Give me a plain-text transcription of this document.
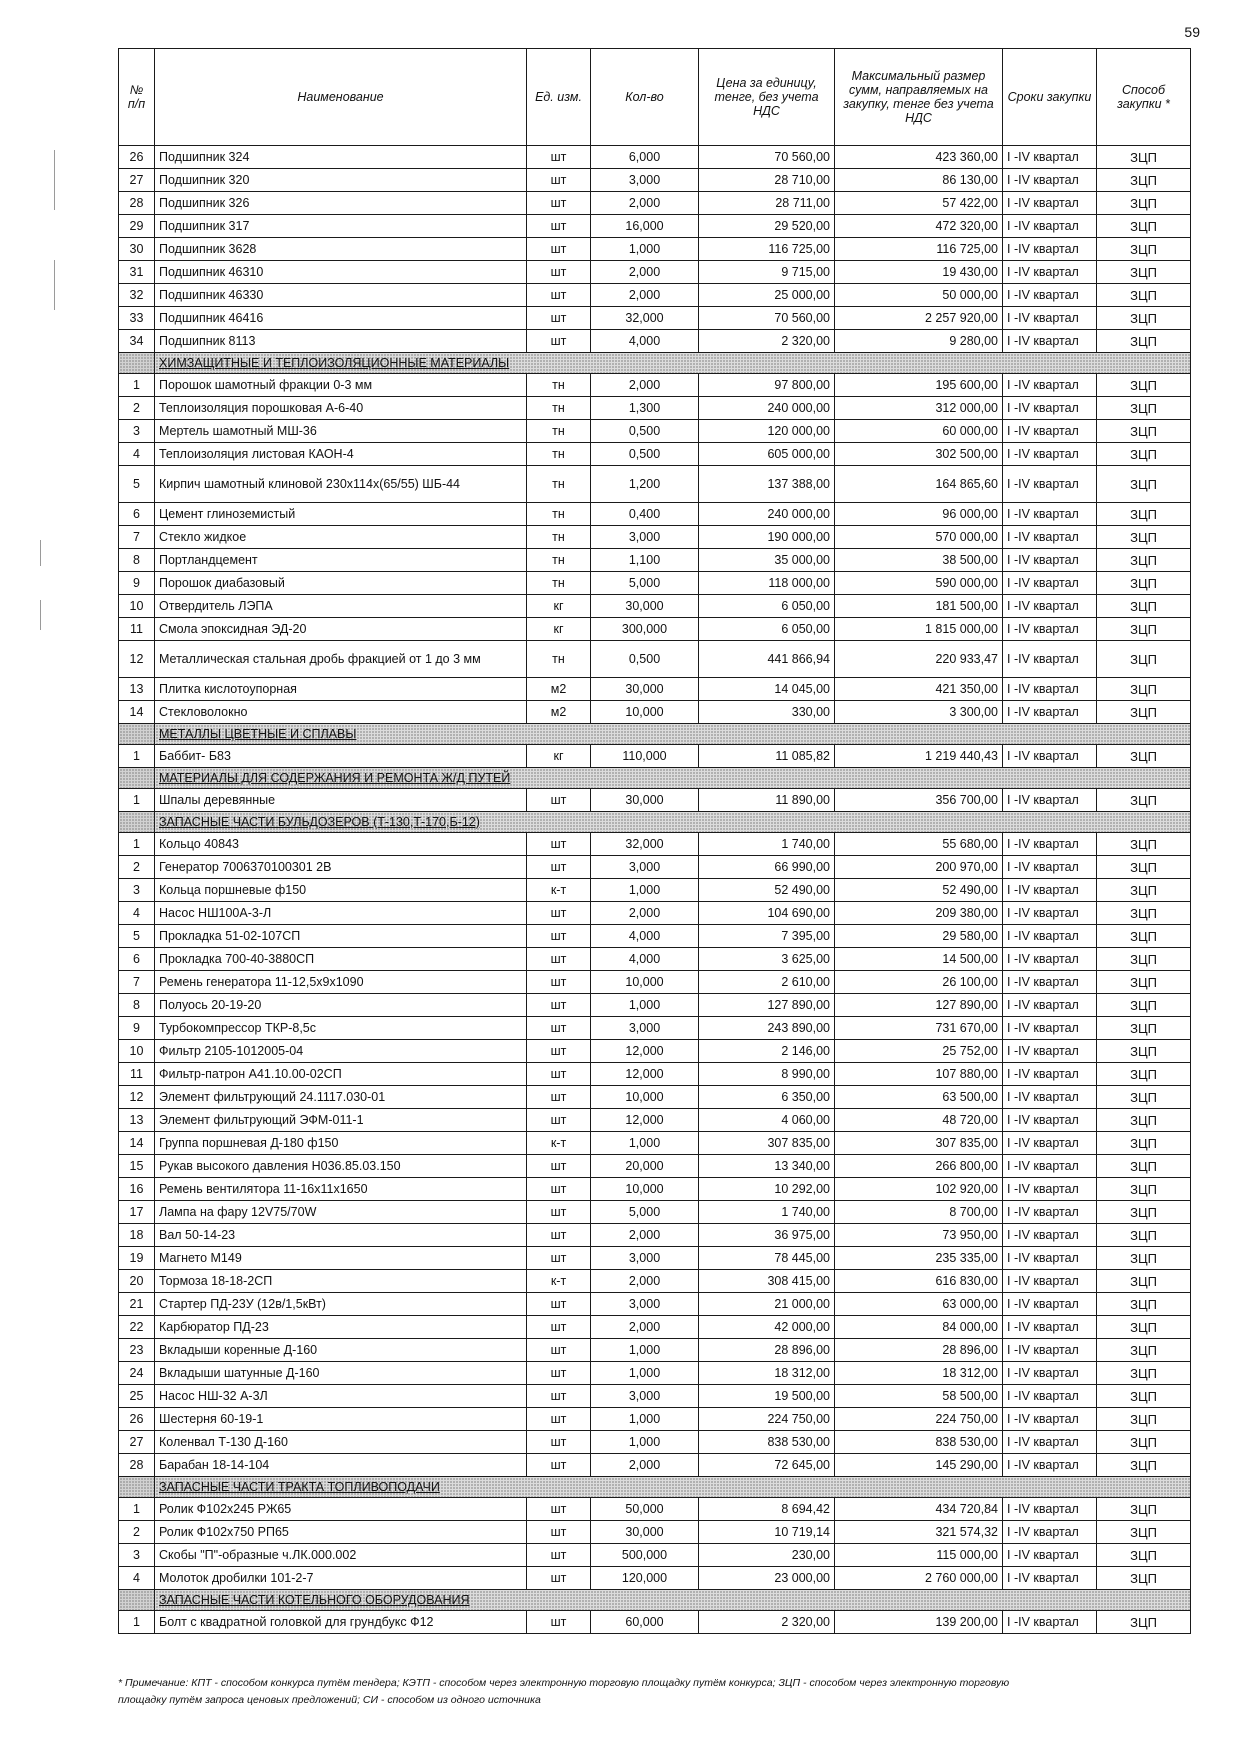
59
№ п/п	Наименование	Ед. изм.	Кол-во	Цена за единицу, тенге, без учета НДС	Максимальный размер сумм, направляемых на закупку, тенге без учета НДС	Сроки закупки	Способ закупки *
26	Подшипник 324	шт	6,000	70 560,00	423 360,00	I -IV квартал	ЗЦП
27	Подшипник 320	шт	3,000	28 710,00	86 130,00	I -IV квартал	ЗЦП
28	Подшипник 326	шт	2,000	28 711,00	57 422,00	I -IV квартал	ЗЦП
29	Подшипник 317	шт	16,000	29 520,00	472 320,00	I -IV квартал	ЗЦП
30	Подшипник 3628	шт	1,000	116 725,00	116 725,00	I -IV квартал	ЗЦП
31	Подшипник 46310	шт	2,000	9 715,00	19 430,00	I -IV квартал	ЗЦП
32	Подшипник 46330	шт	2,000	25 000,00	50 000,00	I -IV квартал	ЗЦП
33	Подшипник 46416	шт	32,000	70 560,00	2 257 920,00	I -IV квартал	ЗЦП
34	Подшипник 8113	шт	4,000	2 320,00	9 280,00	I -IV квартал	ЗЦП
	ХИМЗАЩИТНЫЕ И ТЕПЛОИЗОЛЯЦИОННЫЕ МАТЕРИАЛЫ						
1	Порошок шамотный фракции 0-3 мм	тн	2,000	97 800,00	195 600,00	I -IV квартал	ЗЦП
2	Теплоизоляция порошковая А-6-40	тн	1,300	240 000,00	312 000,00	I -IV квартал	ЗЦП
3	Мертель шамотный МШ-36	тн	0,500	120 000,00	60 000,00	I -IV квартал	ЗЦП
4	Теплоизоляция листовая КАОН-4	тн	0,500	605 000,00	302 500,00	I -IV квартал	ЗЦП
5	Кирпич шамотный клиновой 230х114х(65/55) ШБ-44	тн	1,200	137 388,00	164 865,60	I -IV квартал	ЗЦП
6	Цемент глиноземистый	тн	0,400	240 000,00	96 000,00	I -IV квартал	ЗЦП
7	Стекло жидкое	тн	3,000	190 000,00	570 000,00	I -IV квартал	ЗЦП
8	Портландцемент	тн	1,100	35 000,00	38 500,00	I -IV квартал	ЗЦП
9	Порошок диабазовый	тн	5,000	118 000,00	590 000,00	I -IV квартал	ЗЦП
10	Отвердитель ЛЭПА	кг	30,000	6 050,00	181 500,00	I -IV квартал	ЗЦП
11	Смола эпоксидная ЭД-20	кг	300,000	6 050,00	1 815 000,00	I -IV квартал	ЗЦП
12	Металлическая стальная дробь фракцией от 1 до 3 мм	тн	0,500	441 866,94	220 933,47	I -IV квартал	ЗЦП
13	Плитка кислотоупорная	м2	30,000	14 045,00	421 350,00	I -IV квартал	ЗЦП
14	Стекловолокно	м2	10,000	330,00	3 300,00	I -IV квартал	ЗЦП
	МЕТАЛЛЫ ЦВЕТНЫЕ И СПЛАВЫ						
1	Баббит- Б83	кг	110,000	11 085,82	1 219 440,43	I -IV квартал	ЗЦП
	МАТЕРИАЛЫ ДЛЯ СОДЕРЖАНИЯ И РЕМОНТА Ж/Д ПУТЕЙ						
1	Шпалы деревянные	шт	30,000	11 890,00	356 700,00	I -IV квартал	ЗЦП
	ЗАПАСНЫЕ ЧАСТИ БУЛЬДОЗЕРОВ (Т-130,Т-170,Б-12)						
1	Кольцо 40843	шт	32,000	1 740,00	55 680,00	I -IV квартал	ЗЦП
2	Генератор 7006370100301 2В	шт	3,000	66 990,00	200 970,00	I -IV квартал	ЗЦП
3	Кольца поршневые ф150	к-т	1,000	52 490,00	52 490,00	I -IV квартал	ЗЦП
4	Насос НШ100А-3-Л	шт	2,000	104 690,00	209 380,00	I -IV квартал	ЗЦП
5	Прокладка 51-02-107СП	шт	4,000	7 395,00	29 580,00	I -IV квартал	ЗЦП
6	Прокладка 700-40-3880СП	шт	4,000	3 625,00	14 500,00	I -IV квартал	ЗЦП
7	Ремень генератора 11-12,5х9х1090	шт	10,000	2 610,00	26 100,00	I -IV квартал	ЗЦП
8	Полуось 20-19-20	шт	1,000	127 890,00	127 890,00	I -IV квартал	ЗЦП
9	Турбокомпрессор ТКР-8,5с	шт	3,000	243 890,00	731 670,00	I -IV квартал	ЗЦП
10	Фильтр 2105-1012005-04	шт	12,000	2 146,00	25 752,00	I -IV квартал	ЗЦП
11	Фильтр-патрон А41.10.00-02СП	шт	12,000	8 990,00	107 880,00	I -IV квартал	ЗЦП
12	Элемент фильтрующий 24.1117.030-01	шт	10,000	6 350,00	63 500,00	I -IV квартал	ЗЦП
13	Элемент фильтрующий ЭФМ-011-1	шт	12,000	4 060,00	48 720,00	I -IV квартал	ЗЦП
14	Группа поршневая Д-180 ф150	к-т	1,000	307 835,00	307 835,00	I -IV квартал	ЗЦП
15	Рукав высокого давления Н036.85.03.150	шт	20,000	13 340,00	266 800,00	I -IV квартал	ЗЦП
16	Ремень вентилятора 11-16х11х1650	шт	10,000	10 292,00	102 920,00	I -IV квартал	ЗЦП
17	Лампа на фару 12V75/70W	шт	5,000	1 740,00	8 700,00	I -IV квартал	ЗЦП
18	Вал 50-14-23	шт	2,000	36 975,00	73 950,00	I -IV квартал	ЗЦП
19	Магнето М149	шт	3,000	78 445,00	235 335,00	I -IV квартал	ЗЦП
20	Тормоза 18-18-2СП	к-т	2,000	308 415,00	616 830,00	I -IV квартал	ЗЦП
21	Стартер ПД-23У (12в/1,5кВт)	шт	3,000	21 000,00	63 000,00	I -IV квартал	ЗЦП
22	Карбюратор ПД-23	шт	2,000	42 000,00	84 000,00	I -IV квартал	ЗЦП
23	Вкладыши коренные Д-160	шт	1,000	28 896,00	28 896,00	I -IV квартал	ЗЦП
24	Вкладыши шатунные Д-160	шт	1,000	18 312,00	18 312,00	I -IV квартал	ЗЦП
25	Насос НШ-32 А-3Л	шт	3,000	19 500,00	58 500,00	I -IV квартал	ЗЦП
26	Шестерня 60-19-1	шт	1,000	224 750,00	224 750,00	I -IV квартал	ЗЦП
27	Коленвал Т-130 Д-160	шт	1,000	838 530,00	838 530,00	I -IV квартал	ЗЦП
28	Барабан 18-14-104	шт	2,000	72 645,00	145 290,00	I -IV квартал	ЗЦП
	ЗАПАСНЫЕ ЧАСТИ ТРАКТА ТОПЛИВОПОДАЧИ						
1	Ролик Ф102х245 РЖ65	шт	50,000	8 694,42	434 720,84	I -IV квартал	ЗЦП
2	Ролик Ф102х750 РП65	шт	30,000	10 719,14	321 574,32	I -IV квартал	ЗЦП
3	Скобы "П"-образные ч.ЛК.000.002	шт	500,000	230,00	115 000,00	I -IV квартал	ЗЦП
4	Молоток дробилки 101-2-7	шт	120,000	23 000,00	2 760 000,00	I -IV квартал	ЗЦП
	ЗАПАСНЫЕ ЧАСТИ КОТЕЛЬНОГО ОБОРУДОВАНИЯ						
1	Болт с квадратной головкой для грундбукс Ф12	шт	60,000	2 320,00	139 200,00	I -IV квартал	ЗЦП
* Примечание: КПТ - способом конкурса путём тендера; КЭТП - способом через электронную торговую площадку путём конкурса; ЗЦП - способом через электронную торговую
площадку путём запроса ценовых предложений; СИ - способом из одного источника
